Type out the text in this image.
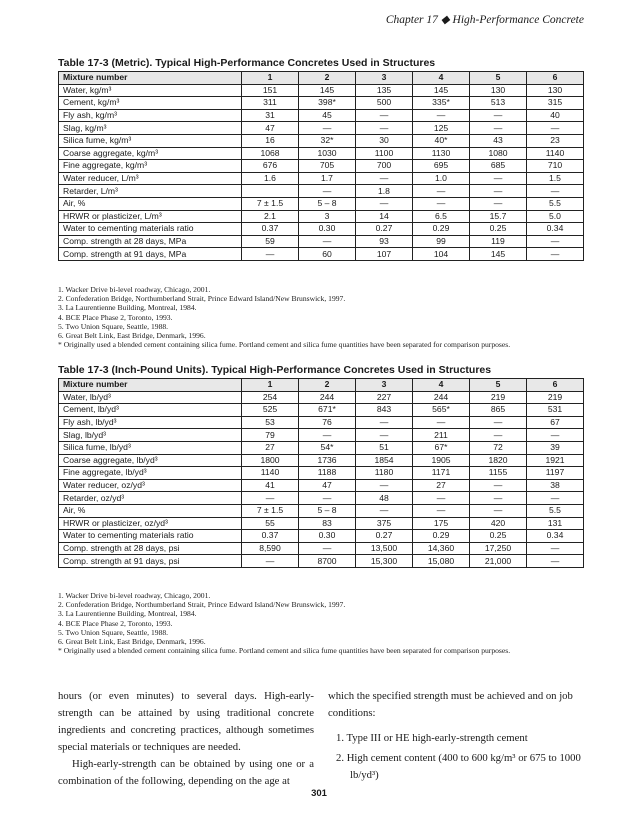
Chapter 17 ◆ High-Performance Concrete
Table 17-3 (Metric). Typical High-Performance Concretes Used in Structures
Mixture number	1	2	3	4	5	6
Water, kg/m³	151	145	135	145	130	130
Cement, kg/m³	311	398*	500	335*	513	315
Fly ash, kg/m³	31	45	—	—	—	40
Slag, kg/m³	47	—	—	125	—	—
Silica fume, kg/m³	16	32*	30	40*	43	23
Coarse aggregate, kg/m³	1068	1030	1100	1130	1080	1140
Fine aggregate, kg/m³	676	705	700	695	685	710
Water reducer, L/m³	1.6	1.7	—	1.0	—	1.5
Retarder, L/m³		—	1.8	—	—	—
Air, %	7 ± 1.5	5 – 8	—	—	—	5.5
HRWR or plasticizer, L/m³	2.1	3	14	6.5	15.7	5.0
Water to cementing materials ratio	0.37	0.30	0.27	0.29	0.25	0.34
Comp. strength at 28 days, MPa	59	—	93	99	119	—
Comp. strength at 91 days, MPa	—	60	107	104	145	—

1. Wacker Drive bi-level roadway, Chicago, 2001.

2. Confederation Bridge, Northumberland Strait, Prince Edward Island/New Brunswick, 1997.

3. La Laurentienne Building, Montreal, 1984.

4. BCE Place Phase 2, Toronto, 1993.

5. Two Union Square, Seattle, 1988.

6. Great Belt Link, East Bridge, Denmark, 1996.

* Originally used a blended cement containing silica fume. Portland cement and silica fume quantities have been separated for comparison purposes.

Table 17-3 (Inch-Pound Units). Typical High-Performance Concretes Used in Structures
Mixture number	1	2	3	4	5	6
Water, lb/yd³	254	244	227	244	219	219
Cement, lb/yd³	525	671*	843	565*	865	531
Fly ash, lb/yd³	53	76	—	—	—	67
Slag, lb/yd³	79	—	—	211	—	—
Silica fume, lb/yd³	27	54*	51	67*	72	39
Coarse aggregate, lb/yd³	1800	1736	1854	1905	1820	1921
Fine aggregate, lb/yd³	1140	1188	1180	1171	1155	1197
Water reducer, oz/yd³	41	47	—	27	—	38
Retarder, oz/yd³	—	—	48	—	—	—
Air, %	7 ± 1.5	5 – 8	—	—	—	5.5
HRWR or plasticizer, oz/yd³	55	83	375	175	420	131
Water to cementing materials ratio	0.37	0.30	0.27	0.29	0.25	0.34
Comp. strength at 28 days, psi	8,590	—	13,500	14,360	17,250	—
Comp. strength at 91 days, psi	—	8700	15,300	15,080	21,000	—

1. Wacker Drive bi-level roadway, Chicago, 2001.

2. Confederation Bridge, Northumberland Strait, Prince Edward Island/New Brunswick, 1997.

3. La Laurentienne Building, Montreal, 1984.

4. BCE Place Phase 2, Toronto, 1993.

5. Two Union Square, Seattle, 1988.

6. Great Belt Link, East Bridge, Denmark, 1996.

* Originally used a blended cement containing silica fume. Portland cement and silica fume quantities have been separated for comparison purposes.

hours (or even minutes) to several days. High-early-strength can be attained by using traditional concrete ingredients and concreting practices, although sometimes special materials or techniques are needed.

High-early-strength can be obtained by using one or a combination of the following, depending on the age at

which the specified strength must be achieved and on job conditions:

1. Type III or HE high-early-strength cement

2. High cement content (400 to 600 kg/m³ or 675 to 1000 lb/yd³)

301
